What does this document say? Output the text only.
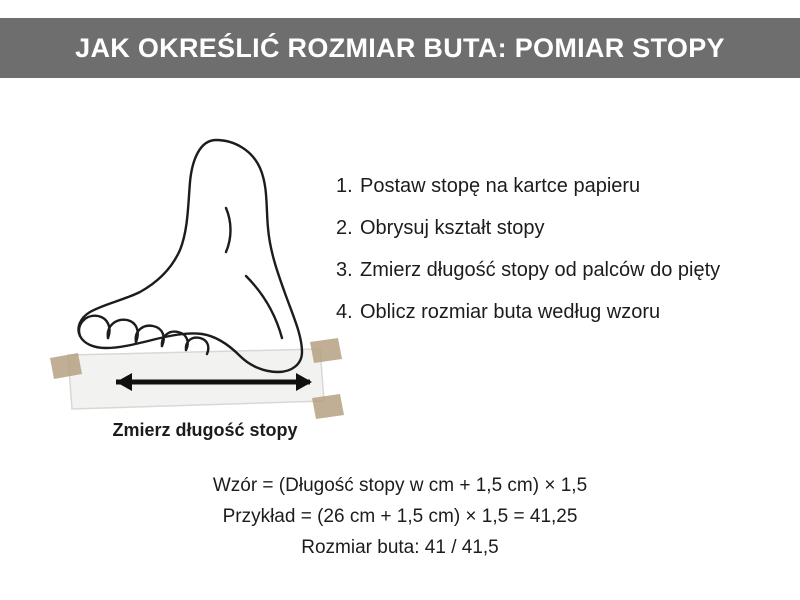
JAK OKREŚLIĆ ROZMIAR BUTA: POMIAR STOPY
Zmierz długość stopy
1. Postaw stopę na kartce papieru
2. Obrysuj kształt stopy
3. Zmierz długość stopy od palców do pięty
4. Oblicz rozmiar buta według wzoru
Wzór = (Długość stopy w cm + 1,5 cm) × 1,5
Przykład = (26 cm + 1,5 cm) × 1,5 = 41,25
Rozmiar buta: 41 / 41,5
